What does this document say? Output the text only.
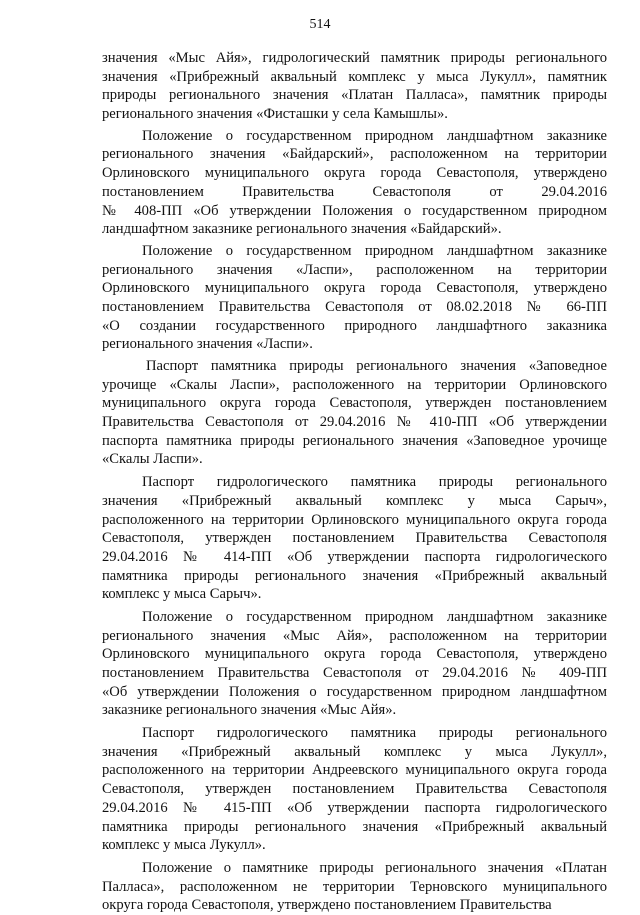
514
значения «Мыс Айя», гидрологический памятник природы регионального
значения «Прибрежный аквальный комплекс у мыса Лукулл», памятник
природы регионального значения «Платан Палласа», памятник природы
регионального значения «Фисташки у села Камышлы».
Положение о государственном природном ландшафтном заказнике
регионального значения «Байдарский», расположенном на территории
Орлиновского муниципального округа города Севастополя, утверждено
постановлением Правительства Севастополя от 29.04.2016
№ 408-ПП «Об утверждении Положения о государственном природном
ландшафтном заказнике регионального значения «Байдарский».
Положение о государственном природном ландшафтном заказнике
регионального значения «Ласпи», расположенном на территории
Орлиновского муниципального округа города Севастополя, утверждено
постановлением Правительства Севастополя от 08.02.2018 № 66-ПП
«О создании государственного природного ландшафтного заказника
регионального значения «Ласпи».
Паспорт памятника природы регионального значения «Заповедное
урочище «Скалы Ласпи», расположенного на территории Орлиновского
муниципального округа города Севастополя, утвержден постановлением
Правительства Севастополя от 29.04.2016 № 410-ПП «Об утверждении
паспорта памятника природы регионального значения «Заповедное урочище
«Скалы Ласпи».
Паспорт гидрологического памятника природы регионального
значения «Прибрежный аквальный комплекс у мыса Сарыч»,
расположенного на территории Орлиновского муниципального округа города
Севастополя, утвержден постановлением Правительства Севастополя
29.04.2016 № 414-ПП «Об утверждении паспорта гидрологического
памятника природы регионального значения «Прибрежный аквальный
комплекс у мыса Сарыч».
Положение о государственном природном ландшафтном заказнике
регионального значения «Мыс Айя», расположенном на территории
Орлиновского муниципального округа города Севастополя, утверждено
постановлением Правительства Севастополя от 29.04.2016 № 409-ПП
«Об утверждении Положения о государственном природном ландшафтном
заказнике регионального значения «Мыс Айя».
Паспорт гидрологического памятника природы регионального
значения «Прибрежный аквальный комплекс у мыса Лукулл»,
расположенного на территории Андреевского муниципального округа города
Севастополя, утвержден постановлением Правительства Севастополя
29.04.2016 № 415-ПП «Об утверждении паспорта гидрологического
памятника природы регионального значения «Прибрежный аквальный
комплекс у мыса Лукулл».
Положение о памятнике природы регионального значения «Платан
Палласа», расположенном не территории Терновского муниципального
округа города Севастополя, утверждено постановлением Правительства
